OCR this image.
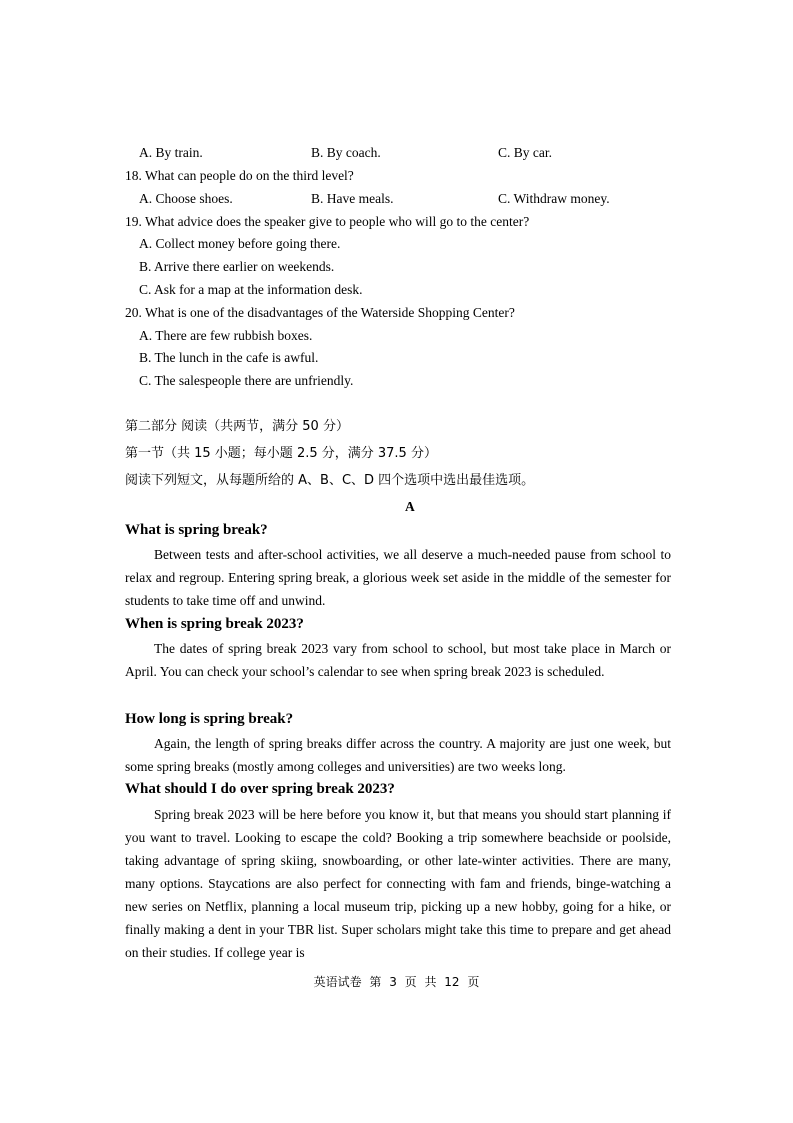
A. By train.	B. By coach.	C. By car.
18. What can people do on the third level?
A. Choose shoes.	B. Have meals.	C. Withdraw money.
19. What advice does the speaker give to people who will go to the center?
A. Collect money before going there.
B. Arrive there earlier on weekends.
C. Ask for a map at the information desk.
20. What is one of the disadvantages of the Waterside Shopping Center?
A. There are few rubbish boxes.
B. The lunch in the cafe is awful.
C. The salespeople there are unfriendly.
第二部分 阅读（共两节，满分 50 分）
第一节（共 15 小题；每小题 2.5 分，满分 37.5 分）
阅读下列短文，从每题所给的 A、B、C、D 四个选项中选出最佳选项。
A
What is spring break?

Between tests and after-school activities, we all deserve a much-needed pause from school to relax and regroup. Entering spring break, a glorious week set aside in the middle of the semester for students to take time off and unwind.

When is spring break 2023?

The dates of spring break 2023 vary from school to school, but most take place in March or April. You can check your school’s calendar to see when spring break 2023 is scheduled.

How long is spring break?

Again, the length of spring breaks differ across the country. A majority are just one week, but some spring breaks (mostly among colleges and universities) are two weeks long.

What should I do over spring break 2023?

Spring break 2023 will be here before you know it, but that means you should start planning if you want to travel. Looking to escape the cold? Booking a trip somewhere beachside or poolside, taking advantage of spring skiing, snowboarding, or other late-winter activities. There are many, many options. Staycations are also perfect for connecting with fam and friends, binge-watching a new series on Netflix, planning a local museum trip, picking up a new hobby, going for a hike, or finally making a dent in your TBR list. Super scholars might take this time to prepare and get ahead on their studies. If college year is

英语试卷 第 3 页 共 12 页
